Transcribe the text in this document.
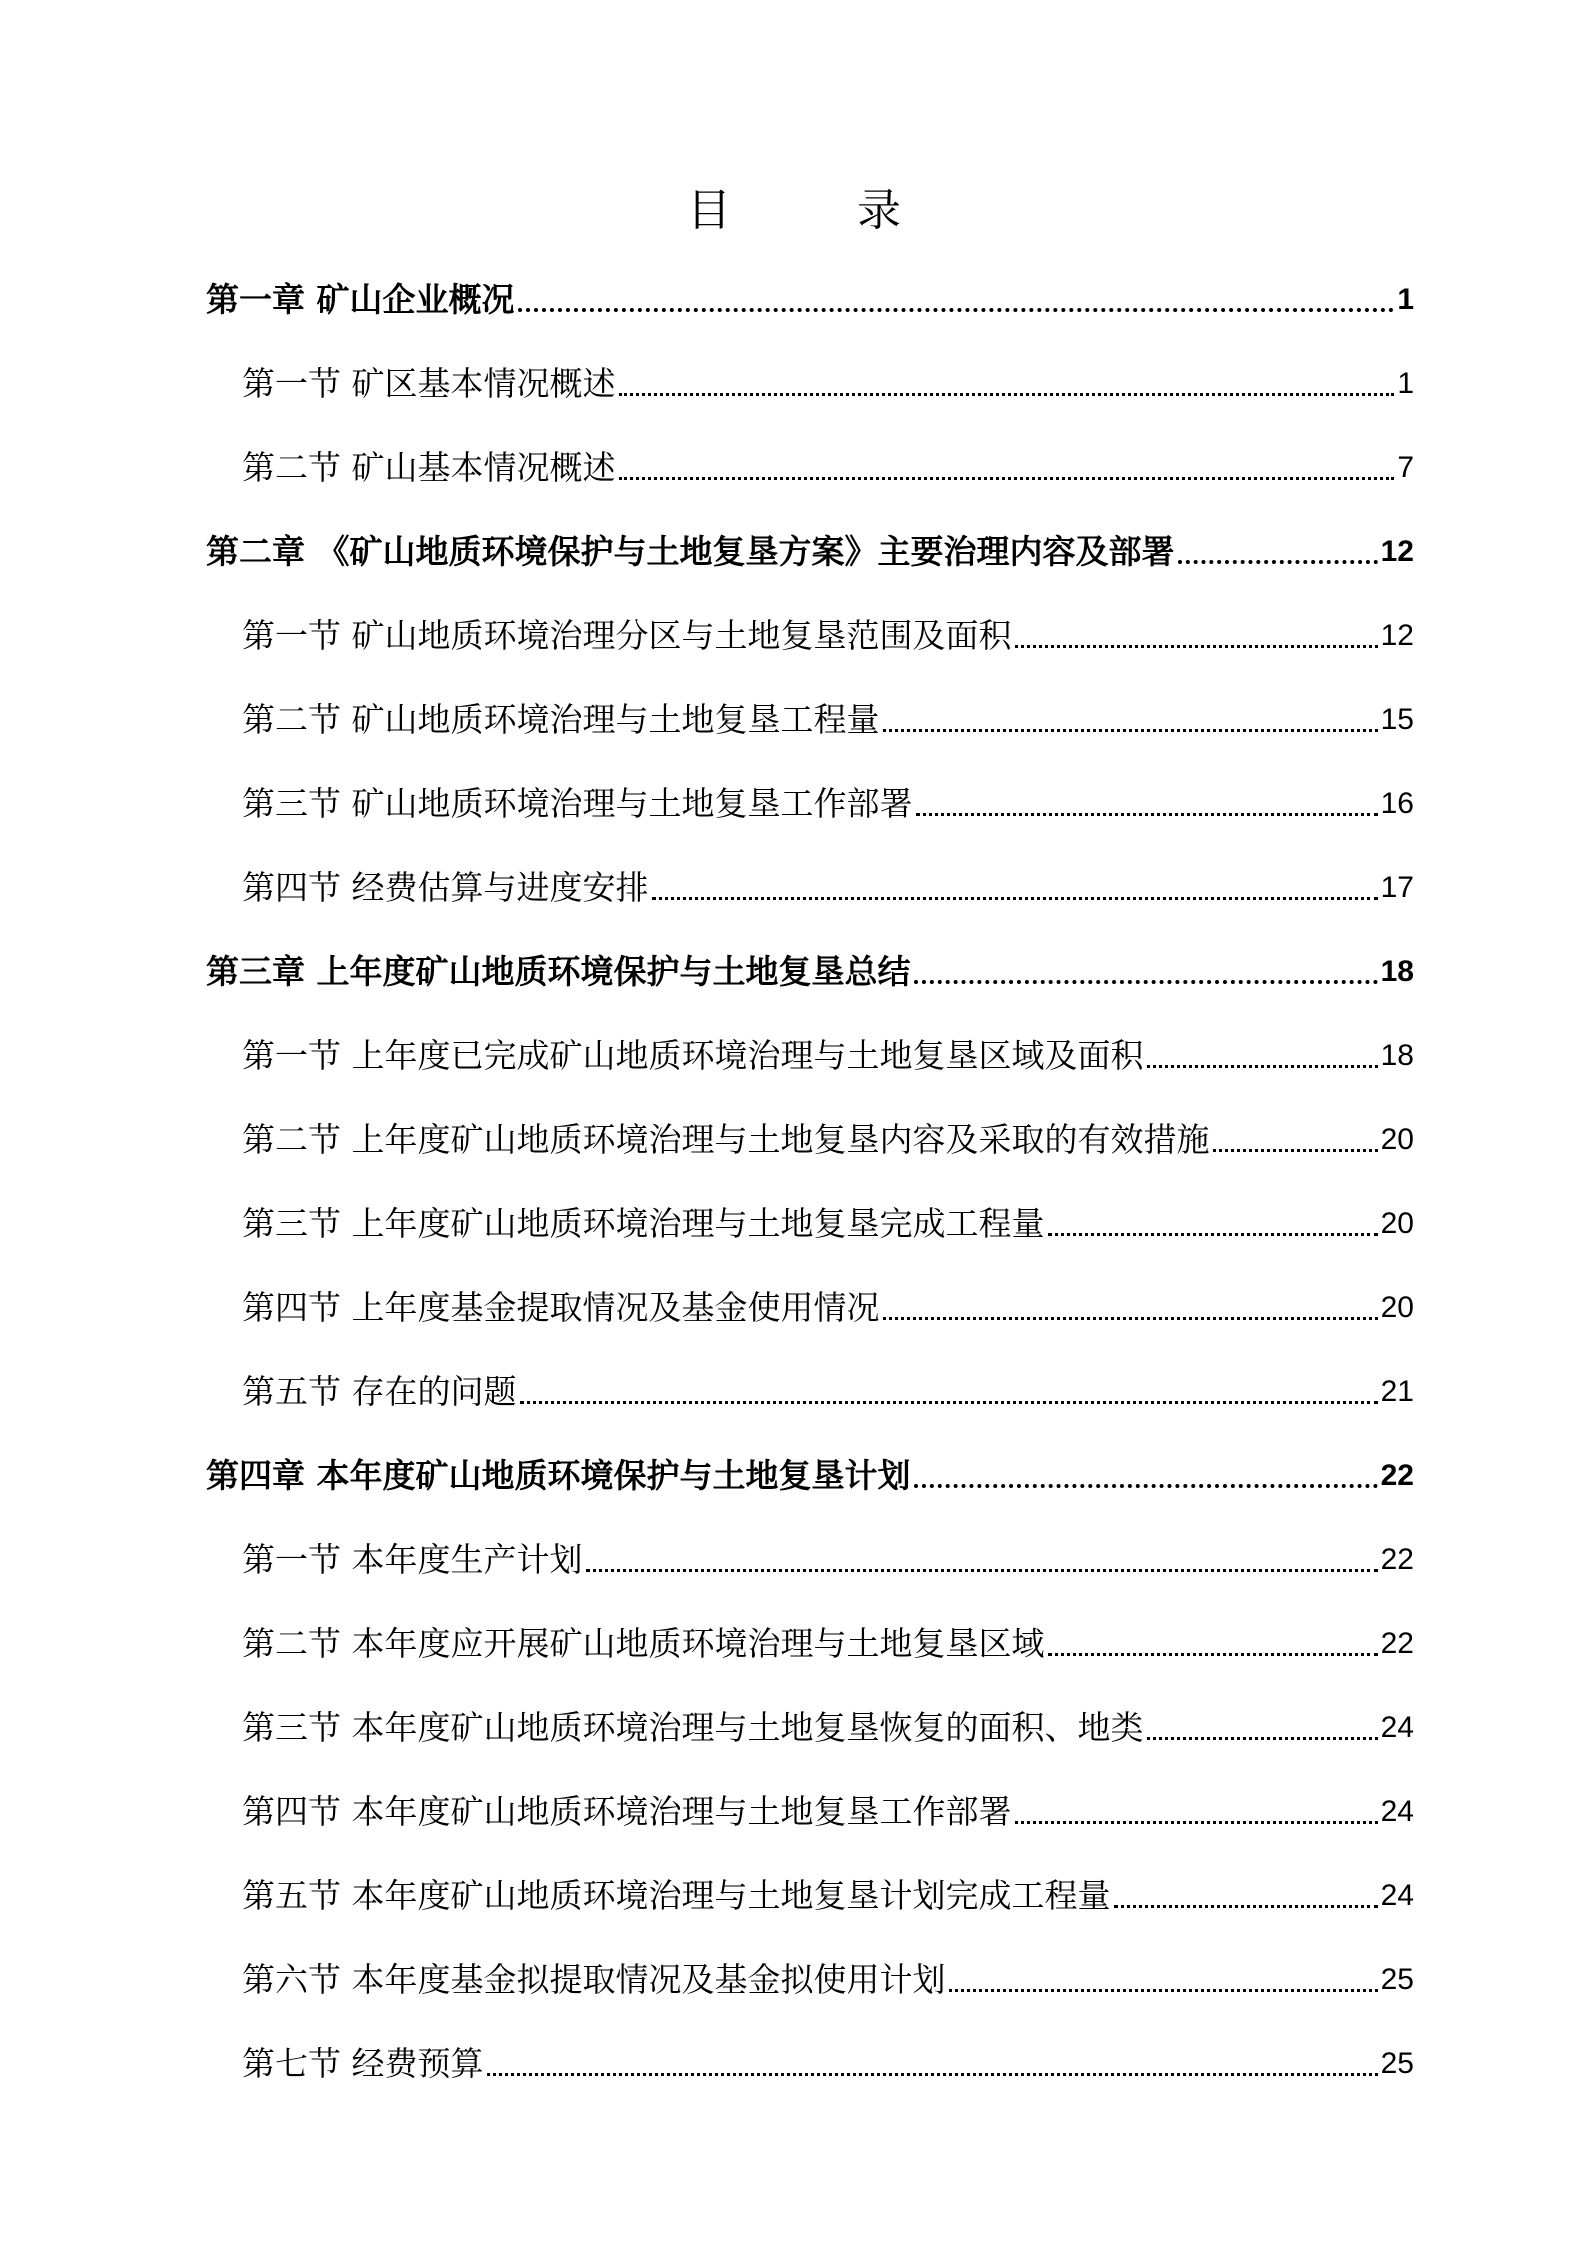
目 录
第一章 矿山企业概况	1
第一节 矿区基本情况概述	1
第二节 矿山基本情况概述	7
第二章 《矿山地质环境保护与土地复垦方案》主要治理内容及部署	12
第一节 矿山地质环境治理分区与土地复垦范围及面积	12
第二节 矿山地质环境治理与土地复垦工程量	15
第三节 矿山地质环境治理与土地复垦工作部署	16
第四节 经费估算与进度安排	17
第三章 上年度矿山地质环境保护与土地复垦总结	18
第一节 上年度已完成矿山地质环境治理与土地复垦区域及面积	18
第二节 上年度矿山地质环境治理与土地复垦内容及采取的有效措施	20
第三节 上年度矿山地质环境治理与土地复垦完成工程量	20
第四节 上年度基金提取情况及基金使用情况	20
第五节 存在的问题	21
第四章 本年度矿山地质环境保护与土地复垦计划	22
第一节 本年度生产计划	22
第二节 本年度应开展矿山地质环境治理与土地复垦区域	22
第三节 本年度矿山地质环境治理与土地复垦恢复的面积、地类	24
第四节 本年度矿山地质环境治理与土地复垦工作部署	24
第五节 本年度矿山地质环境治理与土地复垦计划完成工程量	24
第六节 本年度基金拟提取情况及基金拟使用计划	25
第七节 经费预算	25
